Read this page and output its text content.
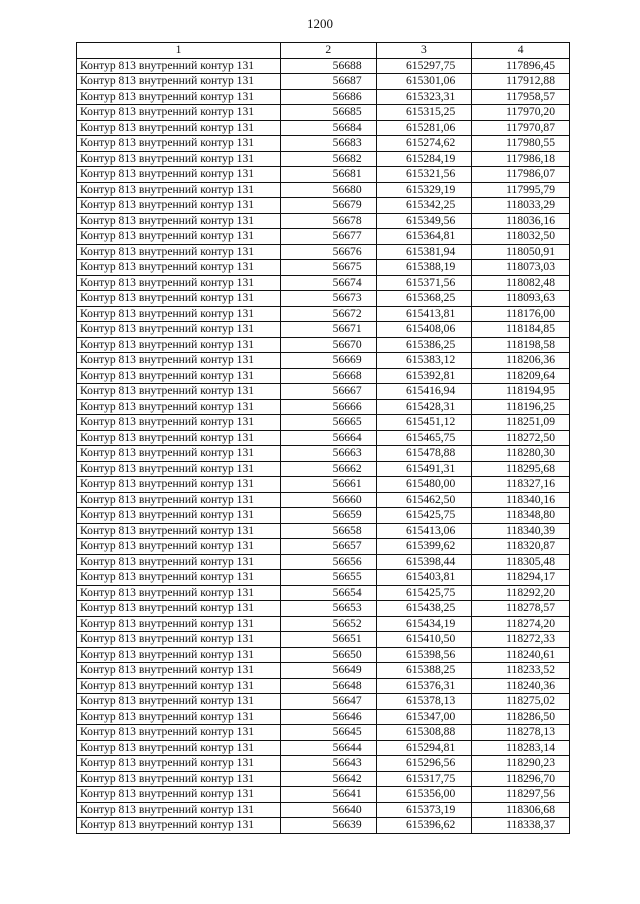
1200
1	2	3	4
Контур 813 внутренний контур 131	56688	615297,75	117896,45
Контур 813 внутренний контур 131	56687	615301,06	117912,88
Контур 813 внутренний контур 131	56686	615323,31	117958,57
Контур 813 внутренний контур 131	56685	615315,25	117970,20
Контур 813 внутренний контур 131	56684	615281,06	117970,87
Контур 813 внутренний контур 131	56683	615274,62	117980,55
Контур 813 внутренний контур 131	56682	615284,19	117986,18
Контур 813 внутренний контур 131	56681	615321,56	117986,07
Контур 813 внутренний контур 131	56680	615329,19	117995,79
Контур 813 внутренний контур 131	56679	615342,25	118033,29
Контур 813 внутренний контур 131	56678	615349,56	118036,16
Контур 813 внутренний контур 131	56677	615364,81	118032,50
Контур 813 внутренний контур 131	56676	615381,94	118050,91
Контур 813 внутренний контур 131	56675	615388,19	118073,03
Контур 813 внутренний контур 131	56674	615371,56	118082,48
Контур 813 внутренний контур 131	56673	615368,25	118093,63
Контур 813 внутренний контур 131	56672	615413,81	118176,00
Контур 813 внутренний контур 131	56671	615408,06	118184,85
Контур 813 внутренний контур 131	56670	615386,25	118198,58
Контур 813 внутренний контур 131	56669	615383,12	118206,36
Контур 813 внутренний контур 131	56668	615392,81	118209,64
Контур 813 внутренний контур 131	56667	615416,94	118194,95
Контур 813 внутренний контур 131	56666	615428,31	118196,25
Контур 813 внутренний контур 131	56665	615451,12	118251,09
Контур 813 внутренний контур 131	56664	615465,75	118272,50
Контур 813 внутренний контур 131	56663	615478,88	118280,30
Контур 813 внутренний контур 131	56662	615491,31	118295,68
Контур 813 внутренний контур 131	56661	615480,00	118327,16
Контур 813 внутренний контур 131	56660	615462,50	118340,16
Контур 813 внутренний контур 131	56659	615425,75	118348,80
Контур 813 внутренний контур 131	56658	615413,06	118340,39
Контур 813 внутренний контур 131	56657	615399,62	118320,87
Контур 813 внутренний контур 131	56656	615398,44	118305,48
Контур 813 внутренний контур 131	56655	615403,81	118294,17
Контур 813 внутренний контур 131	56654	615425,75	118292,20
Контур 813 внутренний контур 131	56653	615438,25	118278,57
Контур 813 внутренний контур 131	56652	615434,19	118274,20
Контур 813 внутренний контур 131	56651	615410,50	118272,33
Контур 813 внутренний контур 131	56650	615398,56	118240,61
Контур 813 внутренний контур 131	56649	615388,25	118233,52
Контур 813 внутренний контур 131	56648	615376,31	118240,36
Контур 813 внутренний контур 131	56647	615378,13	118275,02
Контур 813 внутренний контур 131	56646	615347,00	118286,50
Контур 813 внутренний контур 131	56645	615308,88	118278,13
Контур 813 внутренний контур 131	56644	615294,81	118283,14
Контур 813 внутренний контур 131	56643	615296,56	118290,23
Контур 813 внутренний контур 131	56642	615317,75	118296,70
Контур 813 внутренний контур 131	56641	615356,00	118297,56
Контур 813 внутренний контур 131	56640	615373,19	118306,68
Контур 813 внутренний контур 131	56639	615396,62	118338,37
